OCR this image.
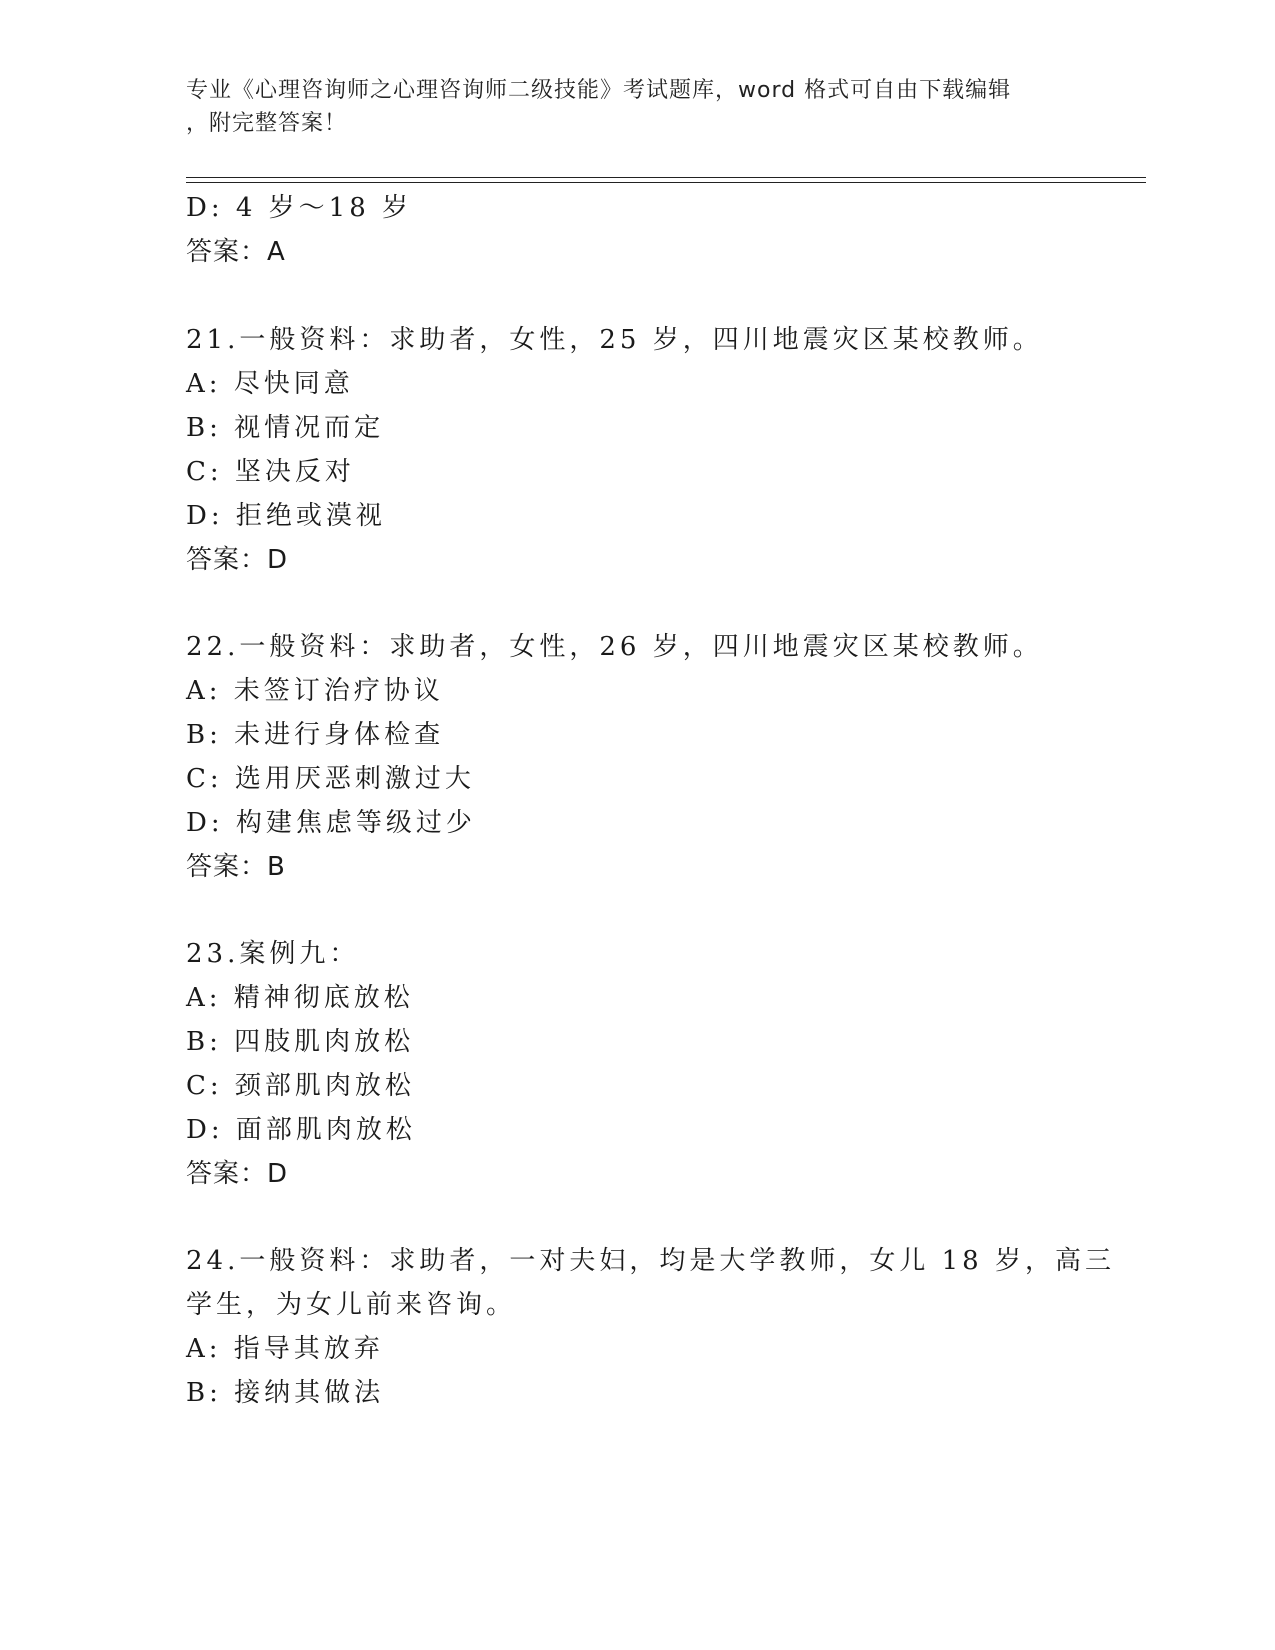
专业《心理咨询师之心理咨询师二级技能》考试题库，word 格式可自由下载编辑
，附完整答案！
D: 4 岁～18 岁
答案：A
21.一般资料：求助者，女性，25 岁，四川地震灾区某校教师。
A: 尽快同意
B: 视情况而定
C: 坚决反对
D: 拒绝或漠视
答案：D
22.一般资料：求助者，女性，26 岁，四川地震灾区某校教师。
A: 未签订治疗协议
B: 未进行身体检查
C: 选用厌恶刺激过大
D: 构建焦虑等级过少
答案：B
23.案例九：
A: 精神彻底放松
B: 四肢肌肉放松
C: 颈部肌肉放松
D: 面部肌肉放松
答案：D
24.一般资料：求助者，一对夫妇，均是大学教师，女儿 18 岁，高三
学生，为女儿前来咨询。
A: 指导其放弃
B: 接纳其做法
